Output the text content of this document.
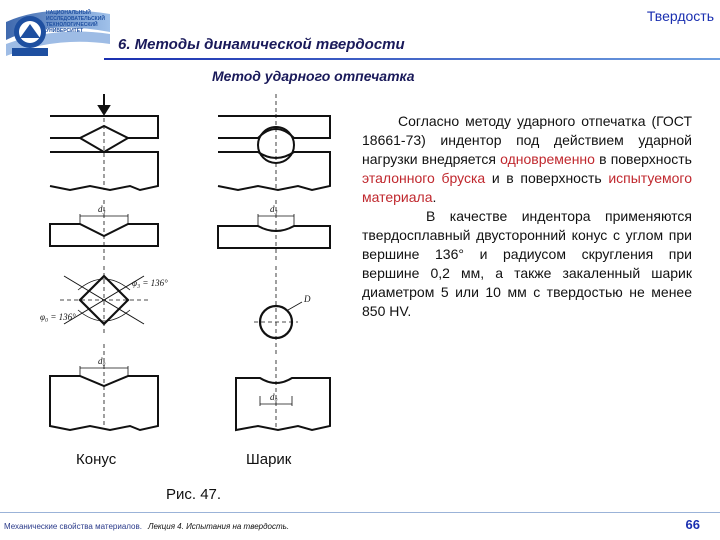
НАЦИОНАЛЬНЫЙ
ИССЛЕДОВАТЕЛЬСКИЙ
ТЕХНОЛОГИЧЕСКИЙ
УНИВЕРСИТЕТ
Твердость
6. Методы динамической твердости
Метод ударного отпечатка
d₃	d₃
φ₃ = 136°
φ₀ = 136°
D
d₀
d₀
Конус	Шарик
Рис. 47.

Согласно методу ударного отпечатка (ГОСТ 18661-73) индентор под действием ударной нагрузки внедряется одновременно в поверхность эталонного бруска и в поверхность испытуемого материала.

В качестве индентора применяются твердосплавный двусторонний конус с углом при вершине 136° и радиусом скругления при вершине 0,2 мм, а также закаленный шарик диаметром 5 или 10 мм с твердостью не менее 850 HV.

Механические свойства материалов. Лекция 4. Испытания на твердость.	66
